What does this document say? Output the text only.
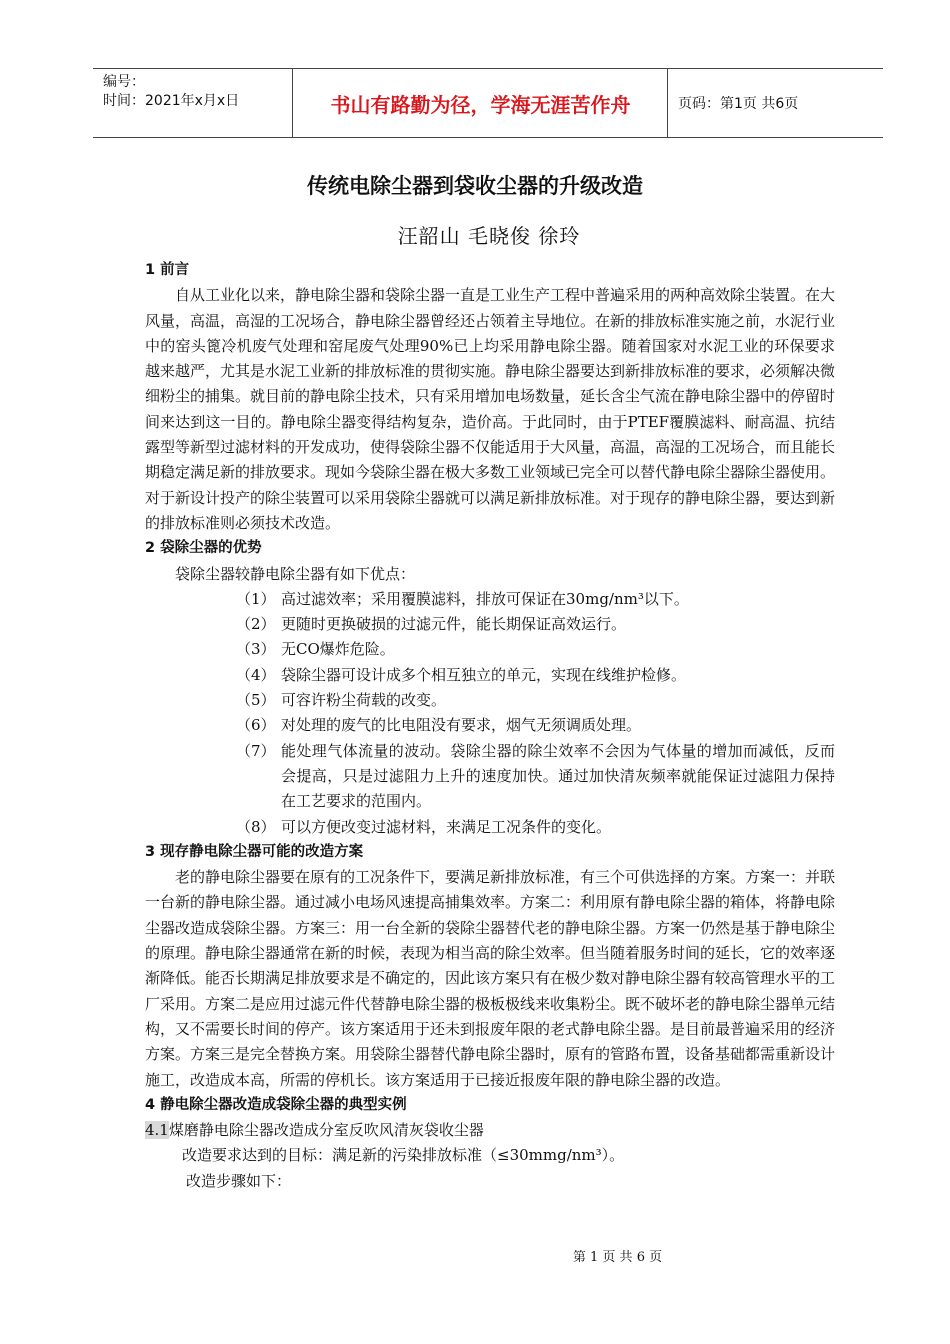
编号：
时间：2021年x月x日	书山有路勤为径，学海无涯苦作舟	页码：第1页 共6页
传统电除尘器到袋收尘器的升级改造
汪韶山 毛晓俊 徐玲

1 前言

自从工业化以来，静电除尘器和袋除尘器一直是工业生产工程中普遍采用的两种高效除尘装置。在大风量，高温，高湿的工况场合，静电除尘器曾经还占领着主导地位。在新的排放标准实施之前，水泥行业中的窑头篦冷机废气处理和窑尾废气处理90%已上均采用静电除尘器。随着国家对水泥工业的环保要求越来越严，尤其是水泥工业新的排放标准的贯彻实施。静电除尘器要达到新排放标准的要求，必须解决微细粉尘的捕集。就目前的静电除尘技术，只有采用增加电场数量，延长含尘气流在静电除尘器中的停留时间来达到这一目的。静电除尘器变得结构复杂，造价高。于此同时，由于PTEF覆膜滤料、耐高温、抗结露型等新型过滤材料的开发成功，使得袋除尘器不仅能适用于大风量，高温，高湿的工况场合，而且能长期稳定满足新的排放要求。现如今袋除尘器在极大多数工业领域已完全可以替代静电除尘器除尘器使用。对于新设计投产的除尘装置可以采用袋除尘器就可以满足新排放标准。对于现存的静电除尘器，要达到新的排放标准则必须技术改造。

2 袋除尘器的优势

袋除尘器较静电除尘器有如下优点：

（1） 高过滤效率；采用覆膜滤料，排放可保证在30mg/nm³以下。
（2） 更随时更换破损的过滤元件，能长期保证高效运行。
（3） 无CO爆炸危险。
（4） 袋除尘器可设计成多个相互独立的单元，实现在线维护检修。
（5） 可容许粉尘荷载的改变。
（6） 对处理的废气的比电阻没有要求，烟气无须调质处理。
（7） 能处理气体流量的波动。袋除尘器的除尘效率不会因为气体量的增加而减低，反而会提高，只是过滤阻力上升的速度加快。通过加快清灰频率就能保证过滤阻力保持在工艺要求的范围内。
（8） 可以方便改变过滤材料，来满足工况条件的变化。

3 现存静电除尘器可能的改造方案

老的静电除尘器要在原有的工况条件下，要满足新排放标准，有三个可供选择的方案。方案一：并联一台新的静电除尘器。通过减小电场风速提高捕集效率。方案二：利用原有静电除尘器的箱体，将静电除尘器改造成袋除尘器。方案三：用一台全新的袋除尘器替代老的静电除尘器。方案一仍然是基于静电除尘的原理。静电除尘器通常在新的时候，表现为相当高的除尘效率。但当随着服务时间的延长，它的效率逐渐降低。能否长期满足排放要求是不确定的，因此该方案只有在极少数对静电除尘器有较高管理水平的工厂采用。方案二是应用过滤元件代替静电除尘器的极板极线来收集粉尘。既不破坏老的静电除尘器单元结构，又不需要长时间的停产。该方案适用于还未到报废年限的老式静电除尘器。是目前最普遍采用的经济方案。方案三是完全替换方案。用袋除尘器替代静电除尘器时，原有的管路布置，设备基础都需重新设计施工，改造成本高，所需的停机长。该方案适用于已接近报废年限的静电除尘器的改造。

4 静电除尘器改造成袋除尘器的典型实例

4.1煤磨静电除尘器改造成分室反吹风清灰袋收尘器

改造要求达到的目标：满足新的污染排放标准（≤30mmg/nm³）。

改造步骤如下：

第 1 页 共 6 页
